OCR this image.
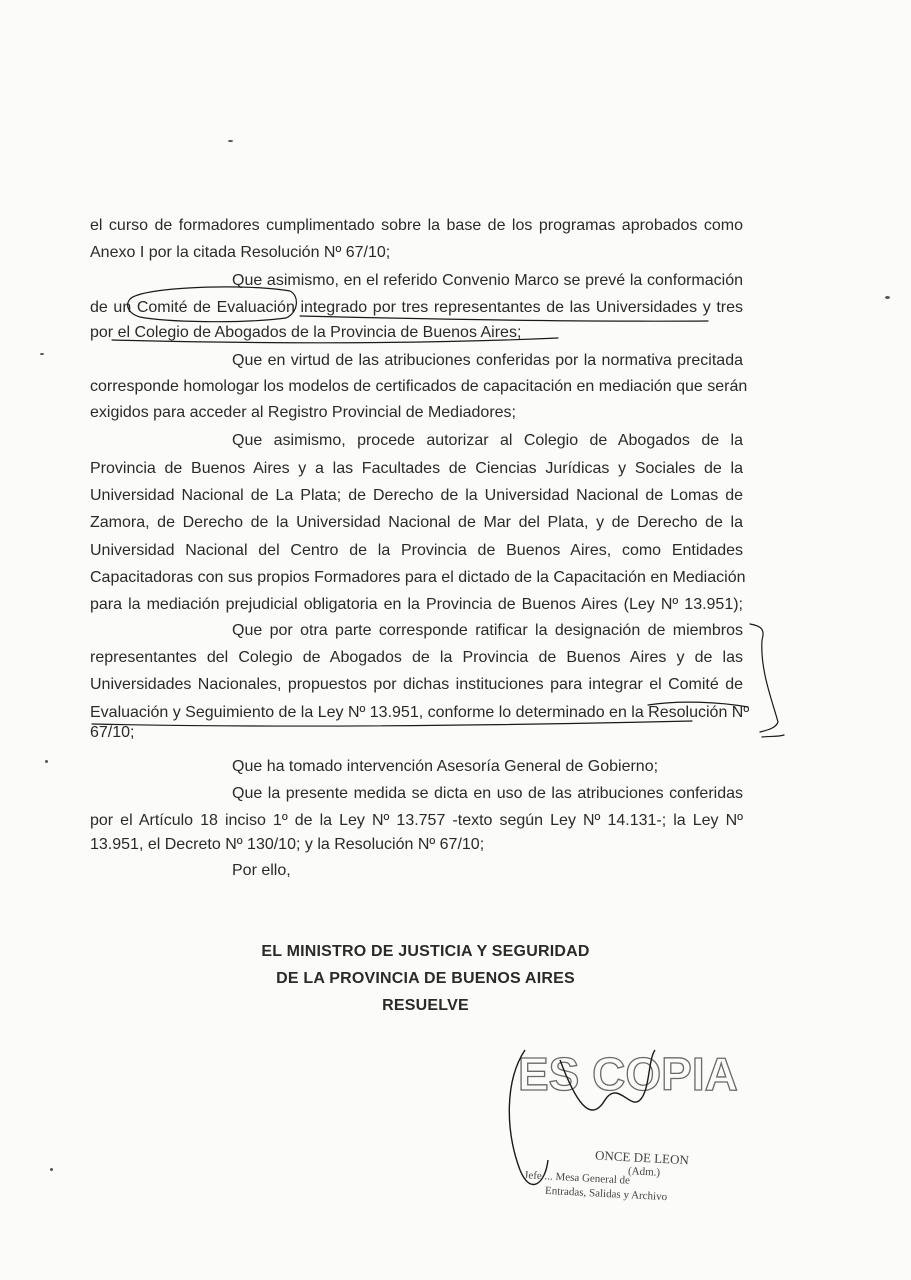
el curso de formadores cumplimentado sobre la base de los programas aprobados como
Anexo I por la citada Resolución Nº 67/10;
Que asimismo, en el referido Convenio Marco se prevé la conformación
de un Comité de Evaluación integrado por tres representantes de las Universidades y tres
por el Colegio de Abogados de la Provincia de Buenos Aires;
Que en virtud de las atribuciones conferidas por la normativa precitada
corresponde homologar los modelos de certificados de capacitación en mediación que serán
exigidos para acceder al Registro Provincial de Mediadores;
Que asimismo, procede autorizar al Colegio de Abogados de la
Provincia de Buenos Aires y a las Facultades de Ciencias Jurídicas y Sociales de la
Universidad Nacional de La Plata; de Derecho de la Universidad Nacional de Lomas de
Zamora, de Derecho de la Universidad Nacional de Mar del Plata, y de Derecho de la
Universidad Nacional del Centro de la Provincia de Buenos Aires, como Entidades
Capacitadoras con sus propios Formadores para el dictado de la Capacitación en Mediación
para la mediación prejudicial obligatoria en la Provincia de Buenos Aires (Ley Nº 13.951);
Que por otra parte corresponde ratificar la designación de miembros
representantes del Colegio de Abogados de la Provincia de Buenos Aires y de las
Universidades Nacionales, propuestos por dichas instituciones para integrar el Comité de
Evaluación y Seguimiento de la Ley Nº 13.951, conforme lo determinado en la Resolución Nº
67/10;
Que ha tomado intervención Asesoría General de Gobierno;
Que la presente medida se dicta en uso de las atribuciones conferidas
por el Artículo 18 inciso 1º de la Ley Nº 13.757 -texto según Ley Nº 14.131-; la Ley Nº
13.951, el Decreto Nº 130/10; y la Resolución Nº 67/10;
Por ello,
EL MINISTRO DE JUSTICIA Y SEGURIDAD
DE LA PROVINCIA DE BUENOS AIRES
RESUELVE
ES COPIA
ONCE DE LEON
(Adm.)
Jefe ... Mesa General de
Entradas, Salidas y Archivo
